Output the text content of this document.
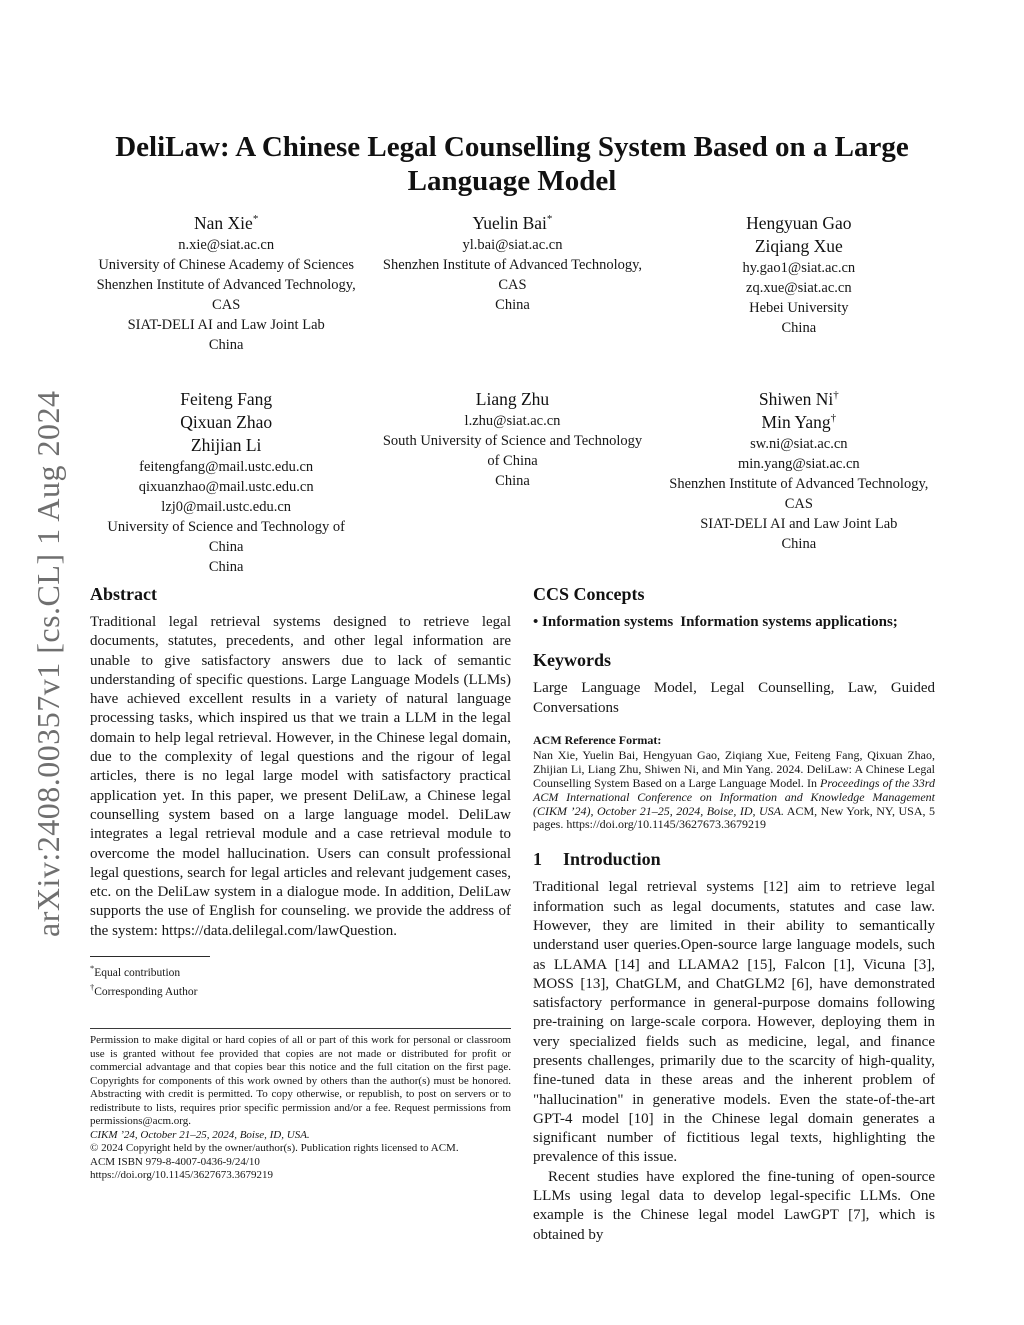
arXiv:2408.00357v1 [cs.CL] 1 Aug 2024
DeliLaw: A Chinese Legal Counselling System Based on a Large Language Model
Nan Xie*
n.xie@siat.ac.cn
University of Chinese Academy of Sciences
Shenzhen Institute of Advanced Technology, CAS
SIAT-DELI AI and Law Joint Lab
China
Yuelin Bai*
yl.bai@siat.ac.cn
Shenzhen Institute of Advanced Technology, CAS
China
Hengyuan Gao
Ziqiang Xue
hy.gao1@siat.ac.cn
zq.xue@siat.ac.cn
Hebei University
China
Feiteng Fang
Qixuan Zhao
Zhijian Li
feitengfang@mail.ustc.edu.cn
qixuanzhao@mail.ustc.edu.cn
lzj0@mail.ustc.edu.cn
University of Science and Technology of China
China
Liang Zhu
l.zhu@siat.ac.cn
South University of Science and Technology of China
China
Shiwen Ni†
Min Yang†
sw.ni@siat.ac.cn
min.yang@siat.ac.cn
Shenzhen Institute of Advanced Technology, CAS
SIAT-DELI AI and Law Joint Lab
China
Abstract

Traditional legal retrieval systems designed to retrieve legal documents, statutes, precedents, and other legal information are unable to give satisfactory answers due to lack of semantic understanding of specific questions. Large Language Models (LLMs) have achieved excellent results in a variety of natural language processing tasks, which inspired us that we train a LLM in the legal domain to help legal retrieval. However, in the Chinese legal domain, due to the complexity of legal questions and the rigour of legal articles, there is no legal large model with satisfactory practical application yet. In this paper, we present DeliLaw, a Chinese legal counselling system based on a large language model. DeliLaw integrates a legal retrieval module and a case retrieval module to overcome the model hallucination. Users can consult professional legal questions, search for legal articles and relevant judgement cases, etc. on the DeliLaw system in a dialogue mode. In addition, DeliLaw supports the use of English for counseling. we provide the address of the system: https://data.delilegal.com/lawQuestion.

*Equal contribution
†Corresponding Author

Permission to make digital or hard copies of all or part of this work for personal or classroom use is granted without fee provided that copies are not made or distributed for profit or commercial advantage and that copies bear this notice and the full citation on the first page. Copyrights for components of this work owned by others than the author(s) must be honored. Abstracting with credit is permitted. To copy otherwise, or republish, to post on servers or to redistribute to lists, requires prior specific permission and/or a fee. Request permissions from permissions@acm.org.

CIKM ’24, October 21–25, 2024, Boise, ID, USA.
© 2024 Copyright held by the owner/author(s). Publication rights licensed to ACM.
ACM ISBN 979-8-4007-0436-9/24/10
https://doi.org/10.1145/3627673.3679219
CCS Concepts

• Information systems Information systems applications;

Keywords

Large Language Model, Legal Counselling, Law, Guided Conversations

ACM Reference Format:

Nan Xie, Yuelin Bai, Hengyuan Gao, Ziqiang Xue, Feiteng Fang, Qixuan Zhao, Zhijian Li, Liang Zhu, Shiwen Ni, and Min Yang. 2024. DeliLaw: A Chinese Legal Counselling System Based on a Large Language Model. In Proceedings of the 33rd ACM International Conference on Information and Knowledge Management (CIKM ’24), October 21–25, 2024, Boise, ID, USA. ACM, New York, NY, USA, 5 pages. https://doi.org/10.1145/3627673.3679219

1 Introduction

Traditional legal retrieval systems [12] aim to retrieve legal information such as legal documents, statutes and case law. However, they are limited in their ability to semantically understand user queries.Open-source large language models, such as LLAMA [14] and LLAMA2 [15], Falcon [1], Vicuna [3], MOSS [13], ChatGLM, and ChatGLM2 [6], have demonstrated satisfactory performance in general-purpose domains following pre-training on large-scale corpora. However, deploying them in very specialized fields such as medicine, legal, and finance presents challenges, primarily due to the scarcity of high-quality, fine-tuned data in these areas and the inherent problem of "hallucination" in generative models. Even the state-of-the-art GPT-4 model [10] in the Chinese legal domain generates a significant number of fictitious legal texts, highlighting the prevalence of this issue.

Recent studies have explored the fine-tuning of open-source LLMs using legal data to develop legal-specific LLMs. One example is the Chinese legal model LawGPT [7], which is obtained by
